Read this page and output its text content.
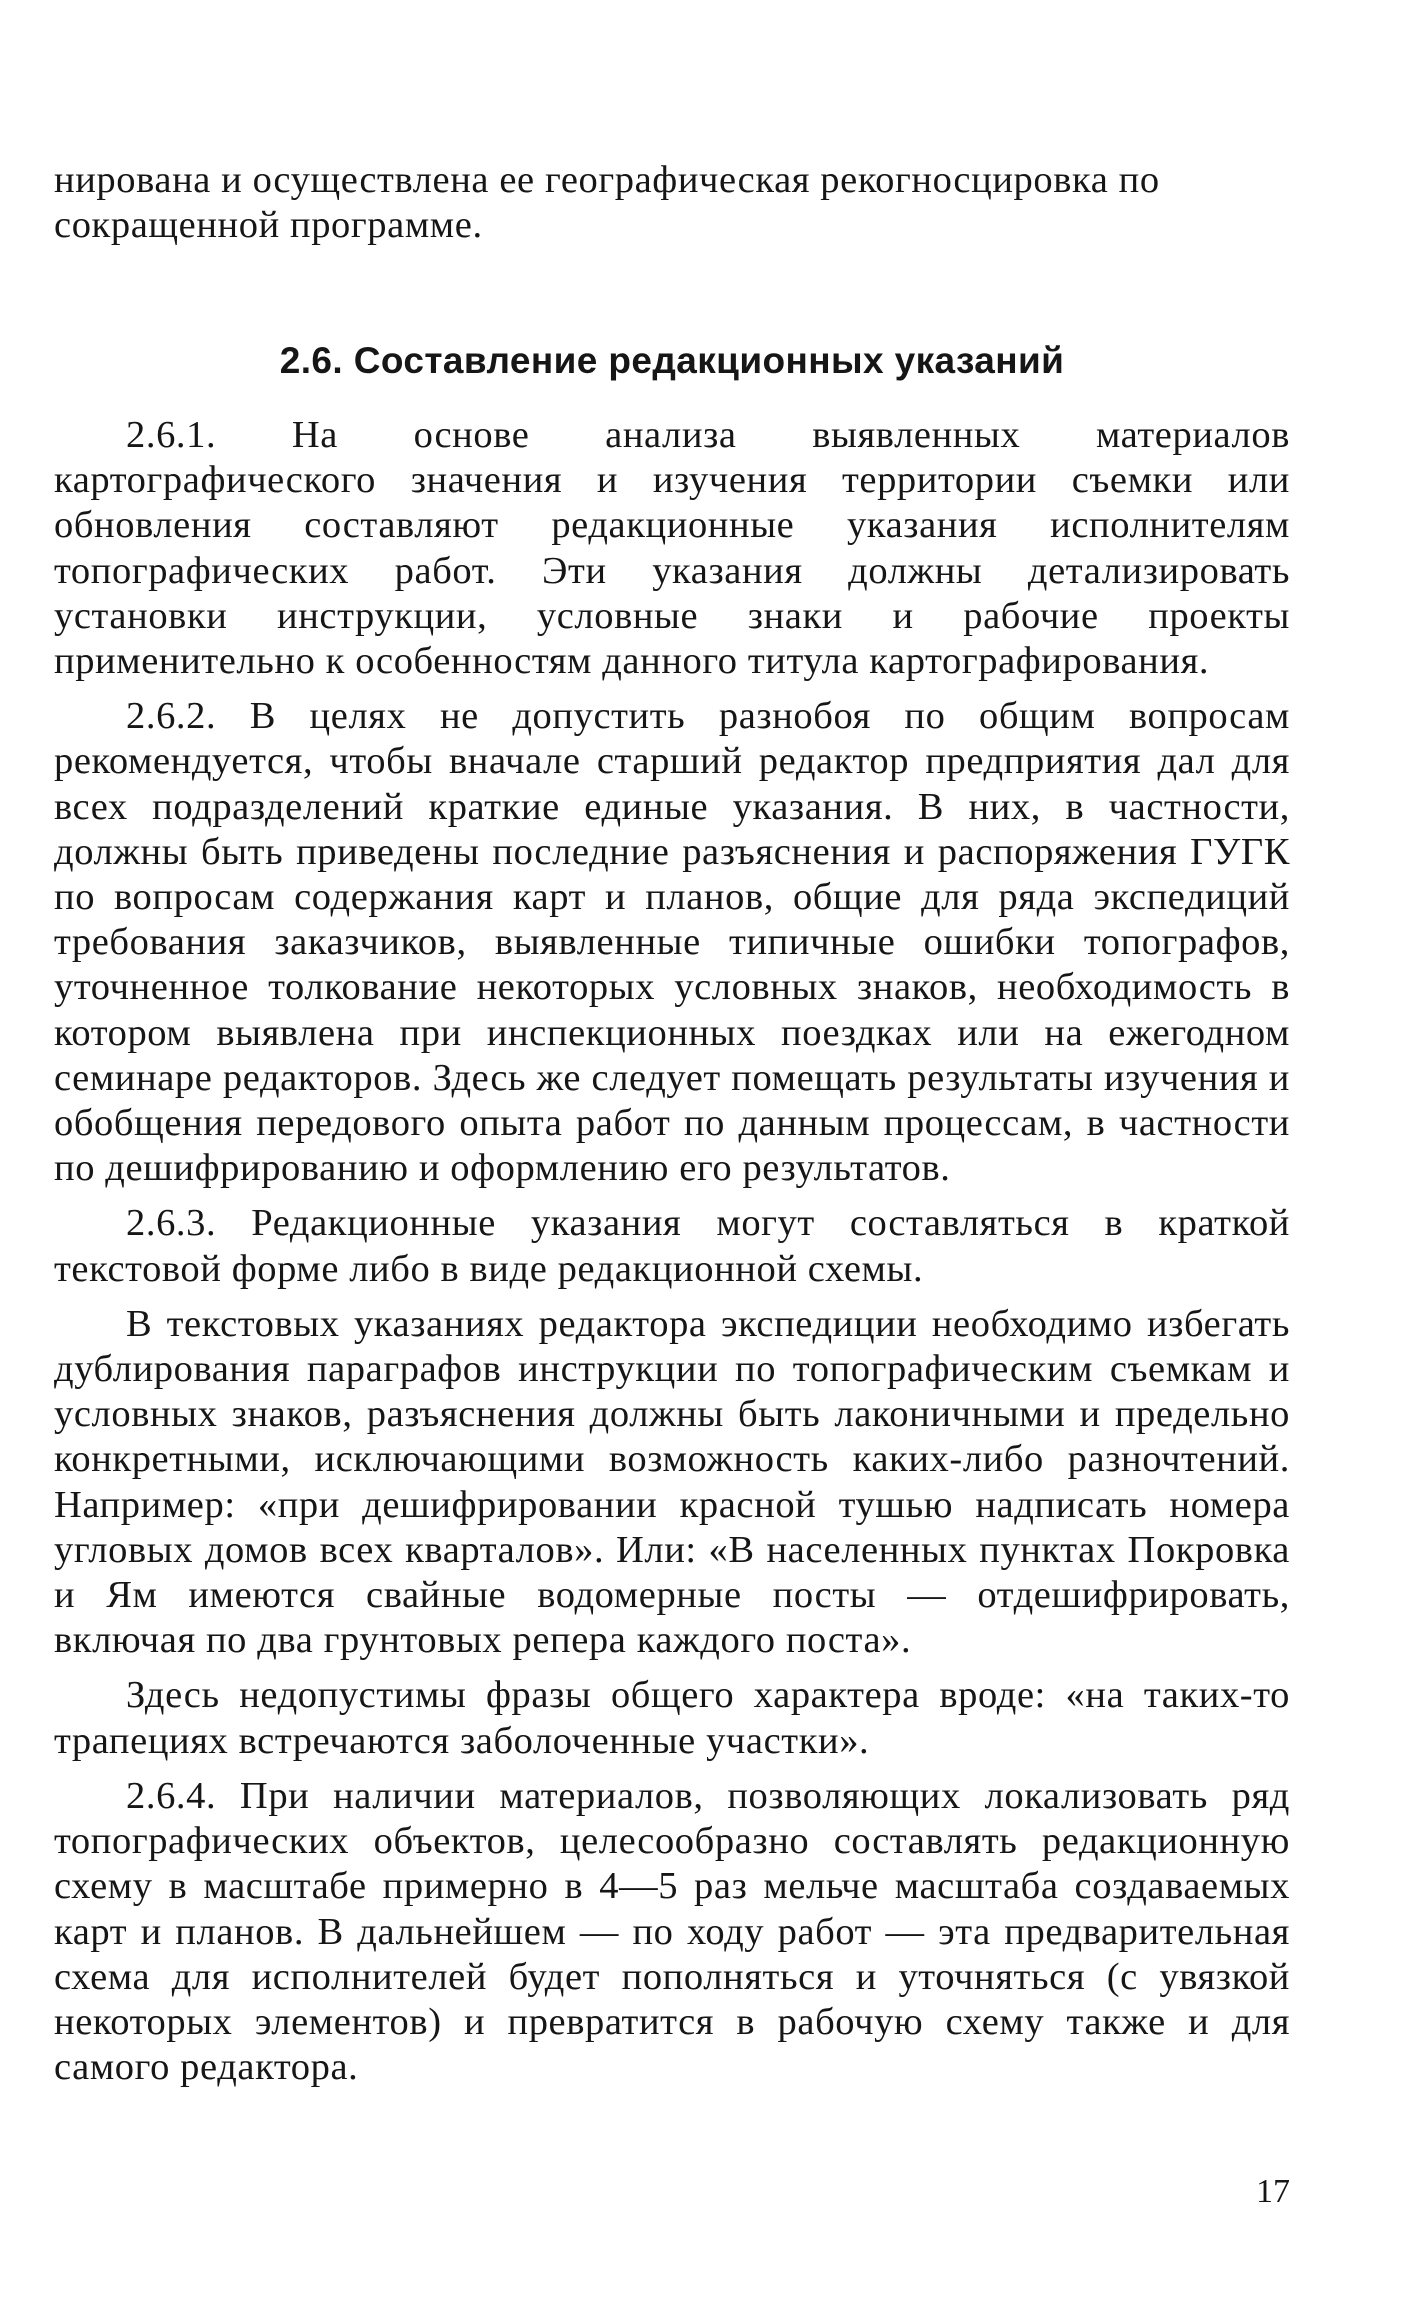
нирована и осуществлена ее географическая рекогносцировка по сокращенной программе.

2.6. Составление редакционных указаний

2.6.1. На основе анализа выявленных материалов картографического значения и изучения территории съемки или обновления составляют редакционные указания исполнителям топографических работ. Эти указания должны детализировать установки инструкции, условные знаки и рабочие проекты применительно к особенностям данного титула картографирования.

2.6.2. В целях не допустить разнобоя по общим вопросам рекомендуется, чтобы вначале старший редактор предприятия дал для всех подразделений краткие единые указания. В них, в частности, должны быть приведены последние разъяснения и распоряжения ГУГК по вопросам содержания карт и планов, общие для ряда экспедиций требования заказчиков, выявленные типичные ошибки топографов, уточненное толкование некоторых условных знаков, необходимость в котором выявлена при инспекционных поездках или на ежегодном семинаре редакторов. Здесь же следует помещать результаты изучения и обобщения передового опыта работ по данным процессам, в частности по дешифрированию и оформлению его результатов.

2.6.3. Редакционные указания могут составляться в краткой текстовой форме либо в виде редакционной схемы.

В текстовых указаниях редактора экспедиции необходимо избегать дублирования параграфов инструкции по топографическим съемкам и условных знаков, разъяснения должны быть лаконичными и предельно конкретными, исключающими возможность каких-либо разночтений. Например: «при дешифрировании красной тушью надписать номера угловых домов всех кварталов». Или: «В населенных пунктах Покровка и Ям имеются свайные водомерные посты — отдешифрировать, включая по два грунтовых репера каждого поста».

Здесь недопустимы фразы общего характера вроде: «на таких-то трапециях встречаются заболоченные участки».

2.6.4. При наличии материалов, позволяющих локализовать ряд топографических объектов, целесообразно составлять редакционную схему в масштабе примерно в 4—5 раз мельче масштаба создаваемых карт и планов. В дальнейшем — по ходу работ — эта предварительная схема для исполнителей будет пополняться и уточняться (с увязкой некоторых элементов) и превратится в рабочую схему также и для самого редактора.

17
